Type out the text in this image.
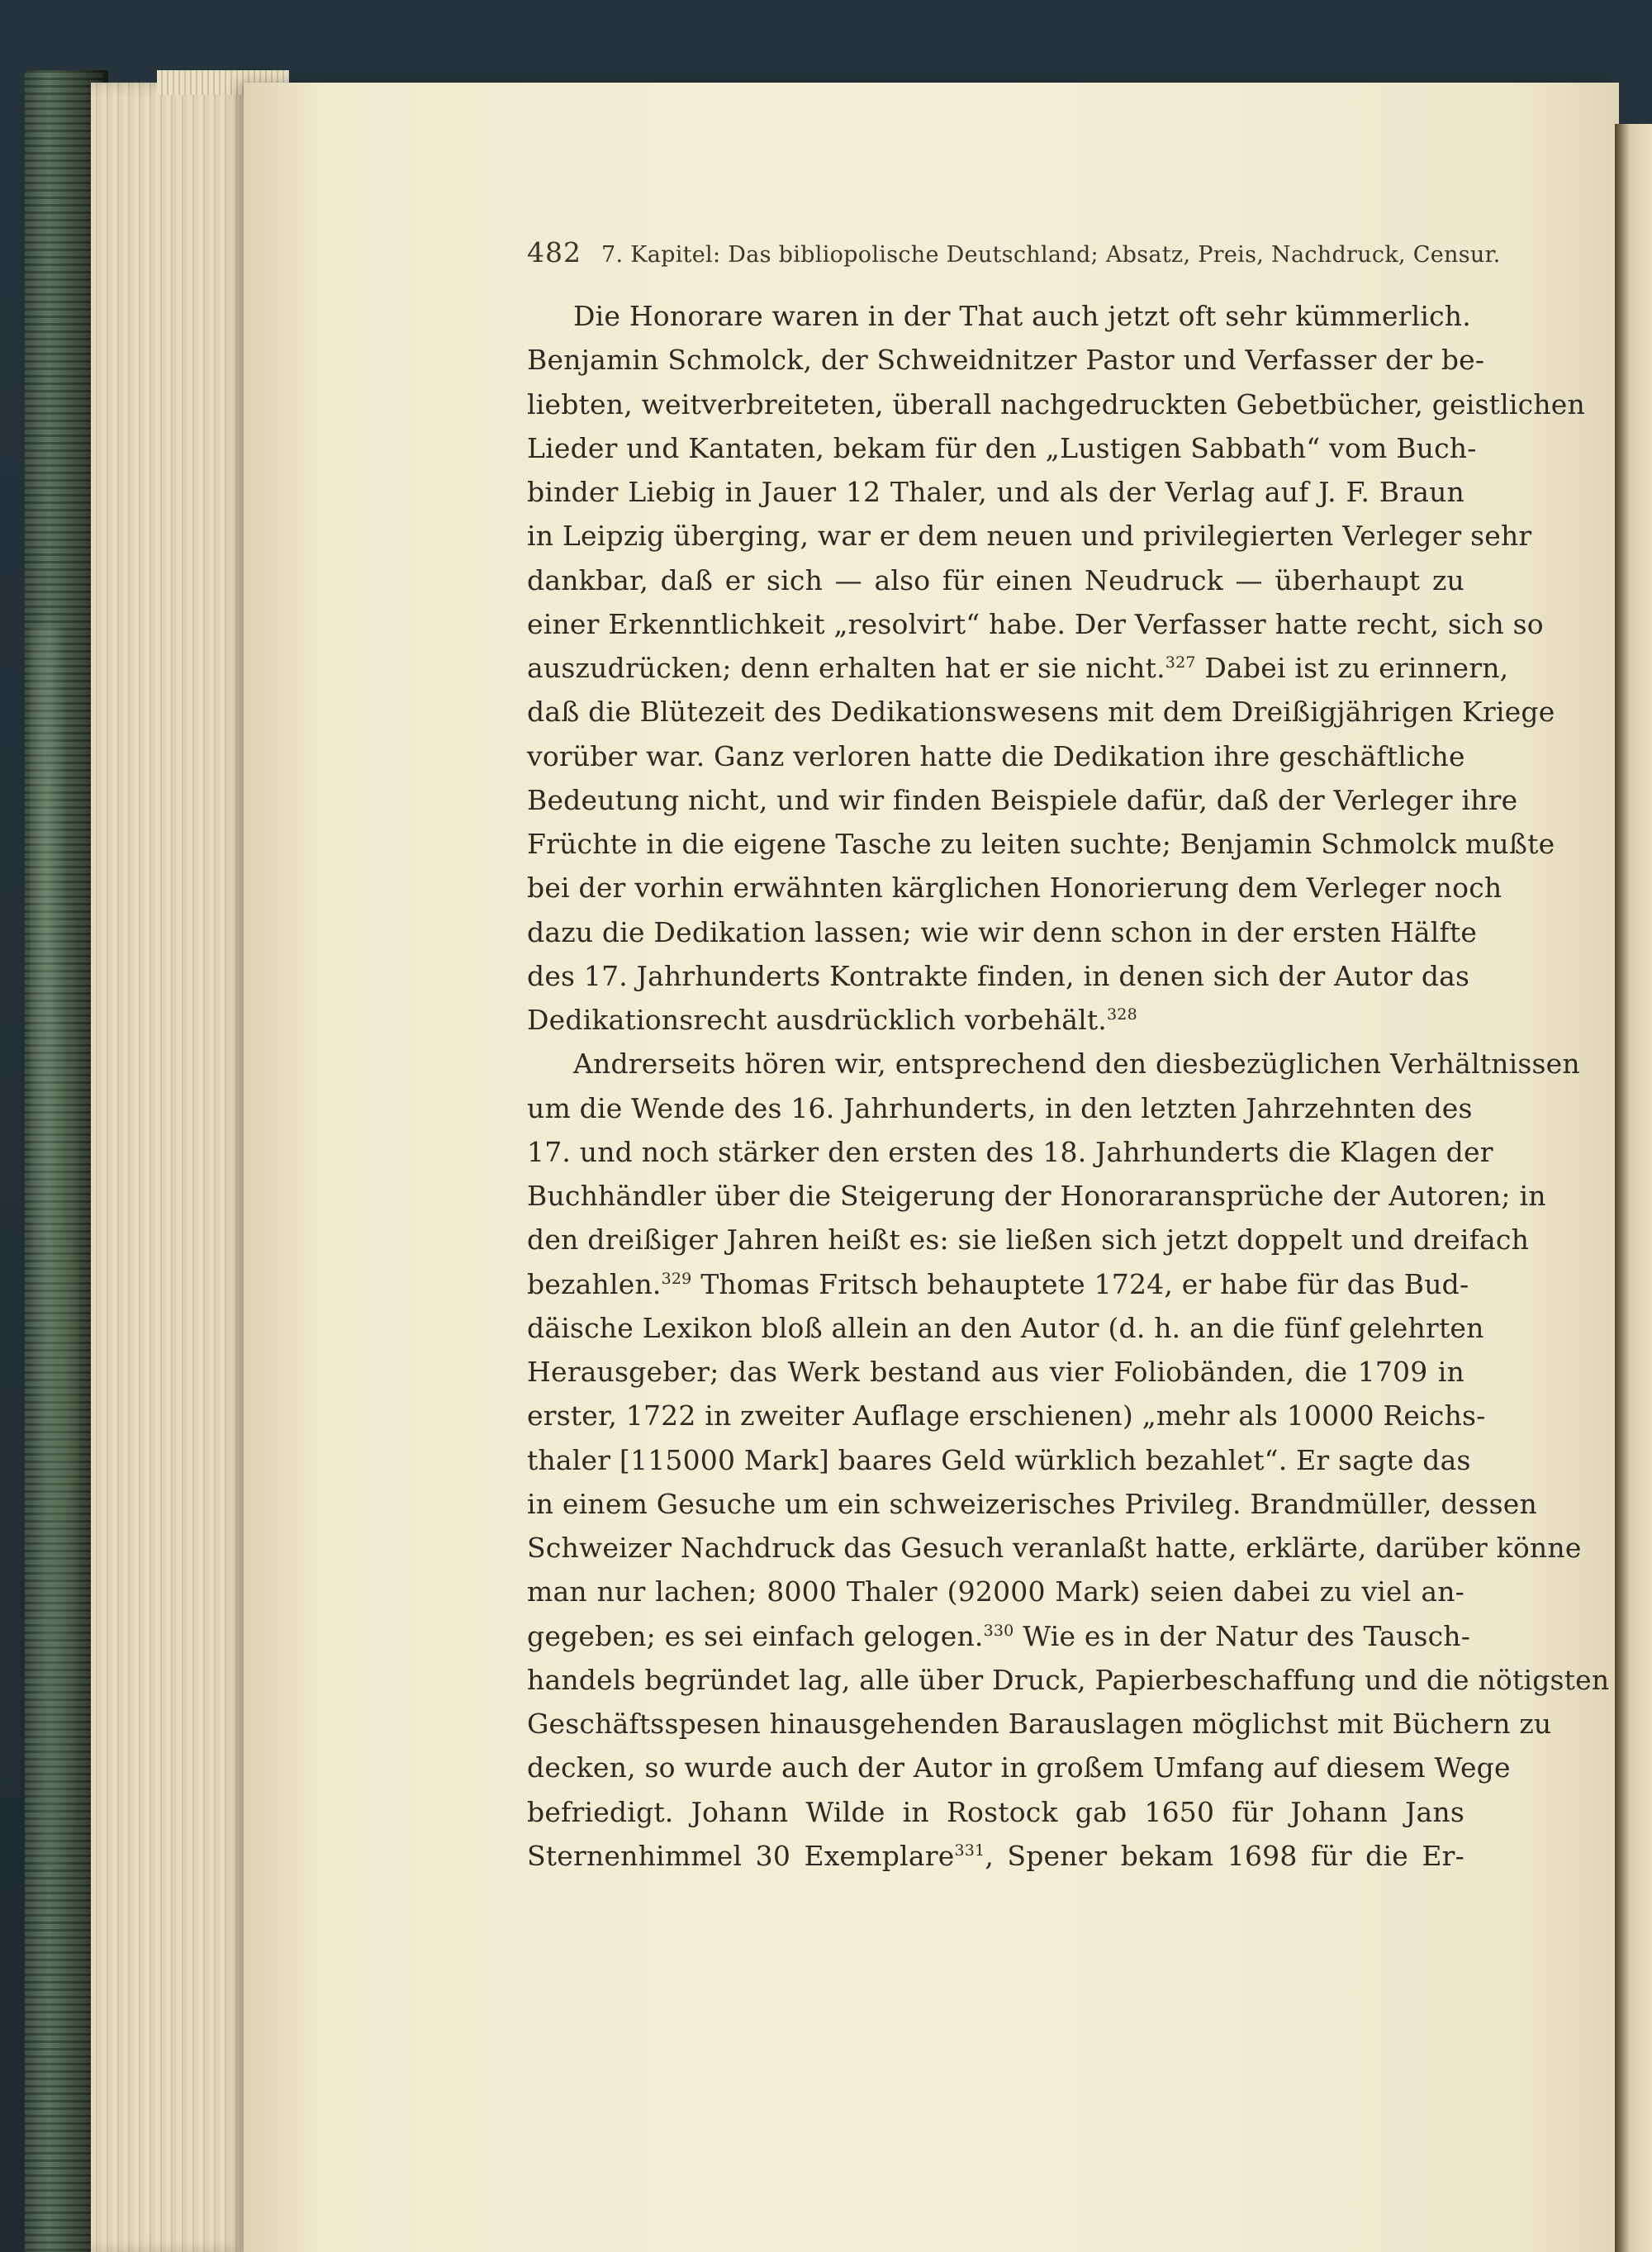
482 7. Kapitel: Das bibliopolische Deutschland; Absatz, Preis, Nachdruck, Censur.
Die Honorare waren in der That auch jetzt oft sehr kümmerlich.
Benjamin Schmolck, der Schweidnitzer Pastor und Verfasser der be-
liebten, weitverbreiteten, überall nachgedruckten Gebetbücher, geistlichen
Lieder und Kantaten, bekam für den „Lustigen Sabbath“ vom Buch-
binder Liebig in Jauer 12 Thaler, und als der Verlag auf J. F. Braun
in Leipzig überging, war er dem neuen und privilegierten Verleger sehr
dankbar, daß er sich — also für einen Neudruck — überhaupt zu
einer Erkenntlichkeit „resolvirt“ habe. Der Verfasser hatte recht, sich so
auszudrücken; denn erhalten hat er sie nicht.$^{327}$ Dabei ist zu erinnern,
daß die Blütezeit des Dedikationswesens mit dem Dreißigjährigen Kriege
vorüber war. Ganz verloren hatte die Dedikation ihre geschäftliche
Bedeutung nicht, und wir finden Beispiele dafür, daß der Verleger ihre
Früchte in die eigene Tasche zu leiten suchte; Benjamin Schmolck mußte
bei der vorhin erwähnten kärglichen Honorierung dem Verleger noch
dazu die Dedikation lassen; wie wir denn schon in der ersten Hälfte
des 17. Jahrhunderts Kontrakte finden, in denen sich der Autor das
Dedikationsrecht ausdrücklich vorbehält.$^{328}$
Andrerseits hören wir, entsprechend den diesbezüglichen Verhältnissen
um die Wende des 16. Jahrhunderts, in den letzten Jahrzehnten des
17. und noch stärker den ersten des 18. Jahrhunderts die Klagen der
Buchhändler über die Steigerung der Honoraransprüche der Autoren; in
den dreißiger Jahren heißt es: sie ließen sich jetzt doppelt und dreifach
bezahlen.$^{329}$ Thomas Fritsch behauptete 1724, er habe für das Bud-
däische Lexikon bloß allein an den Autor (d. h. an die fünf gelehrten
Herausgeber; das Werk bestand aus vier Foliobänden, die 1709 in
erster, 1722 in zweiter Auflage erschienen) „mehr als 10000 Reichs-
thaler [115000 Mark] baares Geld würklich bezahlet“. Er sagte das
in einem Gesuche um ein schweizerisches Privileg. Brandmüller, dessen
Schweizer Nachdruck das Gesuch veranlaßt hatte, erklärte, darüber könne
man nur lachen; 8000 Thaler (92000 Mark) seien dabei zu viel an-
gegeben; es sei einfach gelogen.$^{330}$ Wie es in der Natur des Tausch-
handels begründet lag, alle über Druck, Papierbeschaffung und die nötigsten
Geschäftsspesen hinausgehenden Barauslagen möglichst mit Büchern zu
decken, so wurde auch der Autor in großem Umfang auf diesem Wege
befriedigt. Johann Wilde in Rostock gab 1650 für Johann Jans
Sternenhimmel 30 Exemplare$^{331}$, Spener bekam 1698 für die Er-
